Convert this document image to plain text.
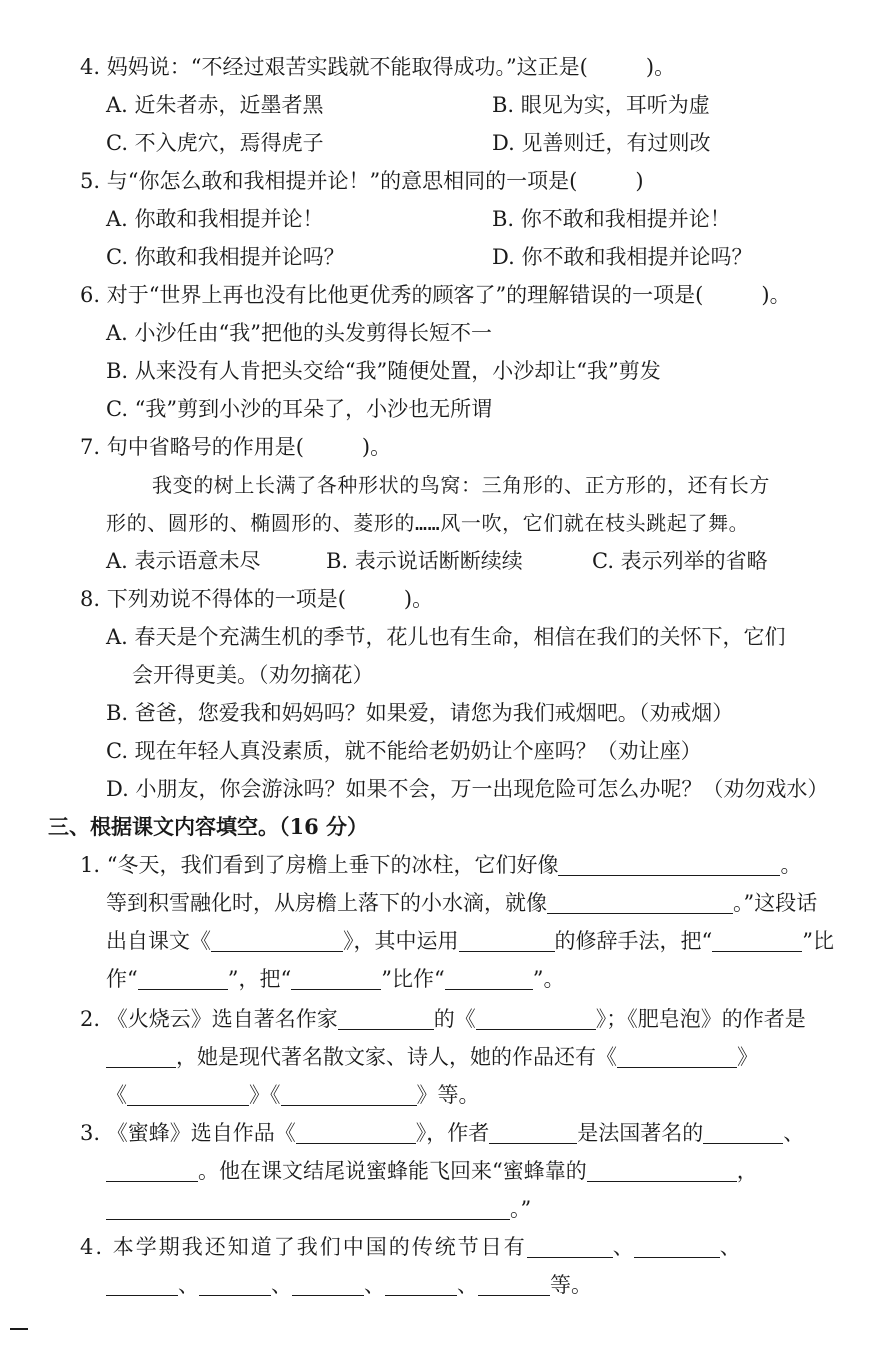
4. 妈妈说：“不经过艰苦实践就不能取得成功。”这正是(	)。
A. 近朱者赤，近墨者黑	B. 眼见为实，耳听为虚
C. 不入虎穴，焉得虎子	D. 见善则迁，有过则改
5. 与“你怎么敢和我相提并论！”的意思相同的一项是(	)
A. 你敢和我相提并论！	B. 你不敢和我相提并论！
C. 你敢和我相提并论吗？	D. 你不敢和我相提并论吗？
6. 对于“世界上再也没有比他更优秀的顾客了”的理解错误的一项是(	)。
A. 小沙任由“我”把他的头发剪得长短不一
B. 从来没有人肯把头交给“我”随便处置，小沙却让“我”剪发
C. “我”剪到小沙的耳朵了，小沙也无所谓
7. 句中省略号的作用是(	)。
我变的树上长满了各种形状的鸟窝：三角形的、正方形的，还有长方
形的、圆形的、椭圆形的、菱形的……风一吹，它们就在枝头跳起了舞。
A. 表示语意未尽	B. 表示说话断断续续	C. 表示列举的省略
8. 下列劝说不得体的一项是(	)。
A. 春天是个充满生机的季节，花儿也有生命，相信在我们的关怀下，它们
会开得更美。（劝勿摘花）
B. 爸爸，您爱我和妈妈吗？如果爱，请您为我们戒烟吧。（劝戒烟）
C. 现在年轻人真没素质，就不能给老奶奶让个座吗？（劝让座）
D. 小朋友，你会游泳吗？如果不会，万一出现危险可怎么办呢？（劝勿戏水）
三、根据课文内容填空。（16 分）
1. “冬天，我们看到了房檐上垂下的冰柱，它们好像	。
等到积雪融化时，从房檐上落下的小水滴，就像	。”这段话
出自课文《	》，其中运用	的修辞手法，把“	”比
作“	”，把“	”比作“	”。
2. 《火烧云》选自著名作家	的《	》；《肥皂泡》的作者是
，她是现代著名散文家、诗人，她的作品还有《	》
《	》《	》等。
3. 《蜜蜂》选自作品《	》，作者	是法国著名的	、
。他在课文结尾说蜜蜂能飞回来“蜜蜂靠的	，
。”
4. 本学期我还知道了我们中国的传统节日有	、	、
、	、	、	、	等。
